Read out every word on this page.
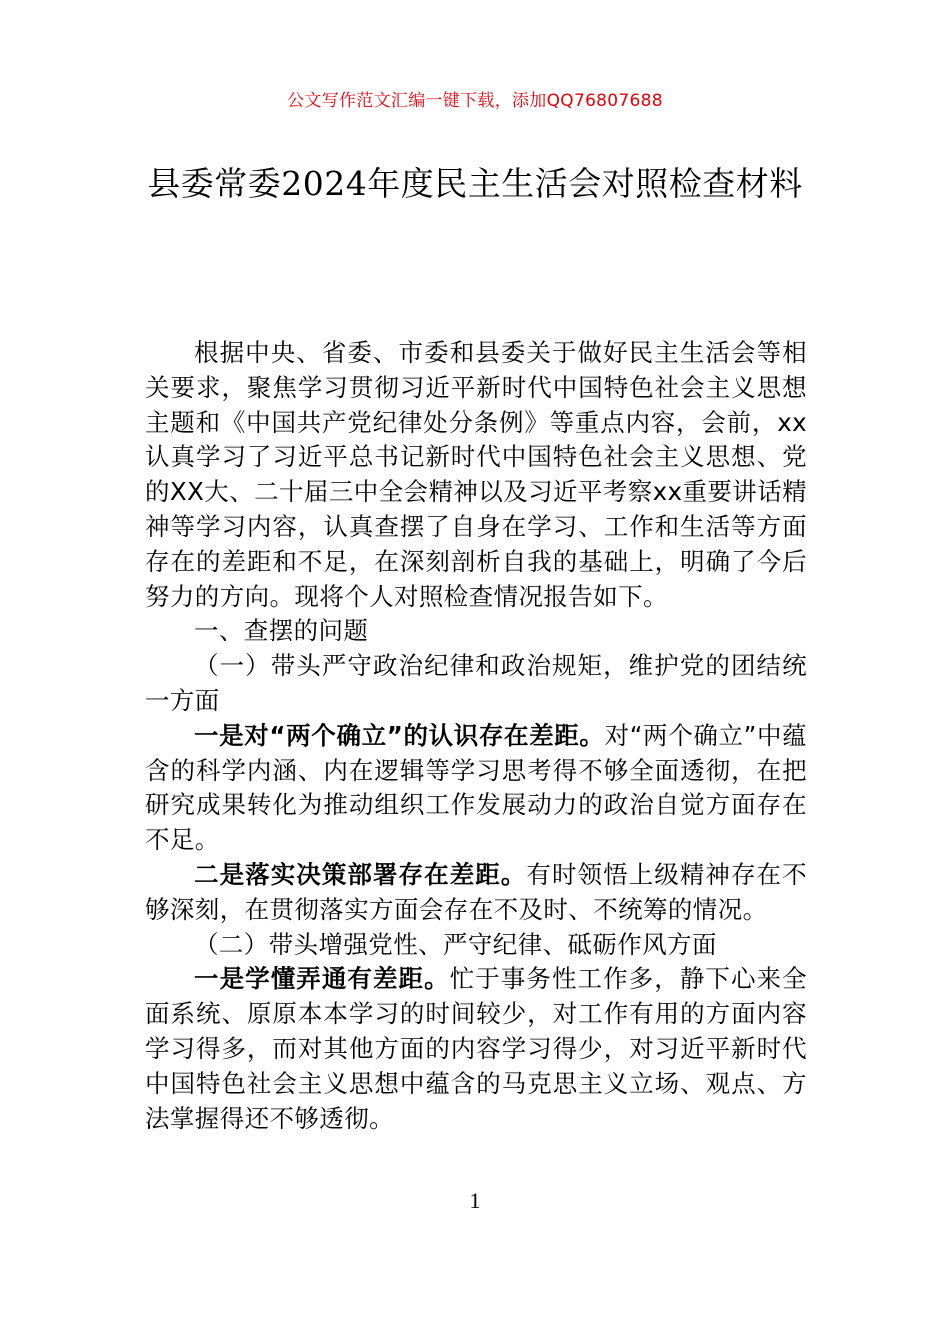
公文写作范文汇编一键下载，添加QQ76807688
县委常委2024年度民主生活会对照检查材料

根据中央、省委、市委和县委关于做好民主生活会等相关要求，聚焦学习贯彻习近平新时代中国特色社会主义思想主题和《中国共产党纪律处分条例》等重点内容，会前，xx认真学习了习近平总书记新时代中国特色社会主义思想、党的XX大、二十届三中全会精神以及习近平考察xx重要讲话精神等学习内容，认真查摆了自身在学习、工作和生活等方面存在的差距和不足，在深刻剖析自我的基础上，明确了今后努力的方向。现将个人对照检查情况报告如下。

一、查摆的问题

（一）带头严守政治纪律和政治规矩，维护党的团结统一方面

一是对“两个确立”的认识存在差距。对“两个确立”中蕴含的科学内涵、内在逻辑等学习思考得不够全面透彻，在把研究成果转化为推动组织工作发展动力的政治自觉方面存在不足。

二是落实决策部署存在差距。有时领悟上级精神存在不够深刻，在贯彻落实方面会存在不及时、不统筹的情况。

（二）带头增强党性、严守纪律、砥砺作风方面

一是学懂弄通有差距。忙于事务性工作多，静下心来全面系统、原原本本学习的时间较少，对工作有用的方面内容学习得多，而对其他方面的内容学习得少，对习近平新时代中国特色社会主义思想中蕴含的马克思主义立场、观点、方法掌握得还不够透彻。

1
